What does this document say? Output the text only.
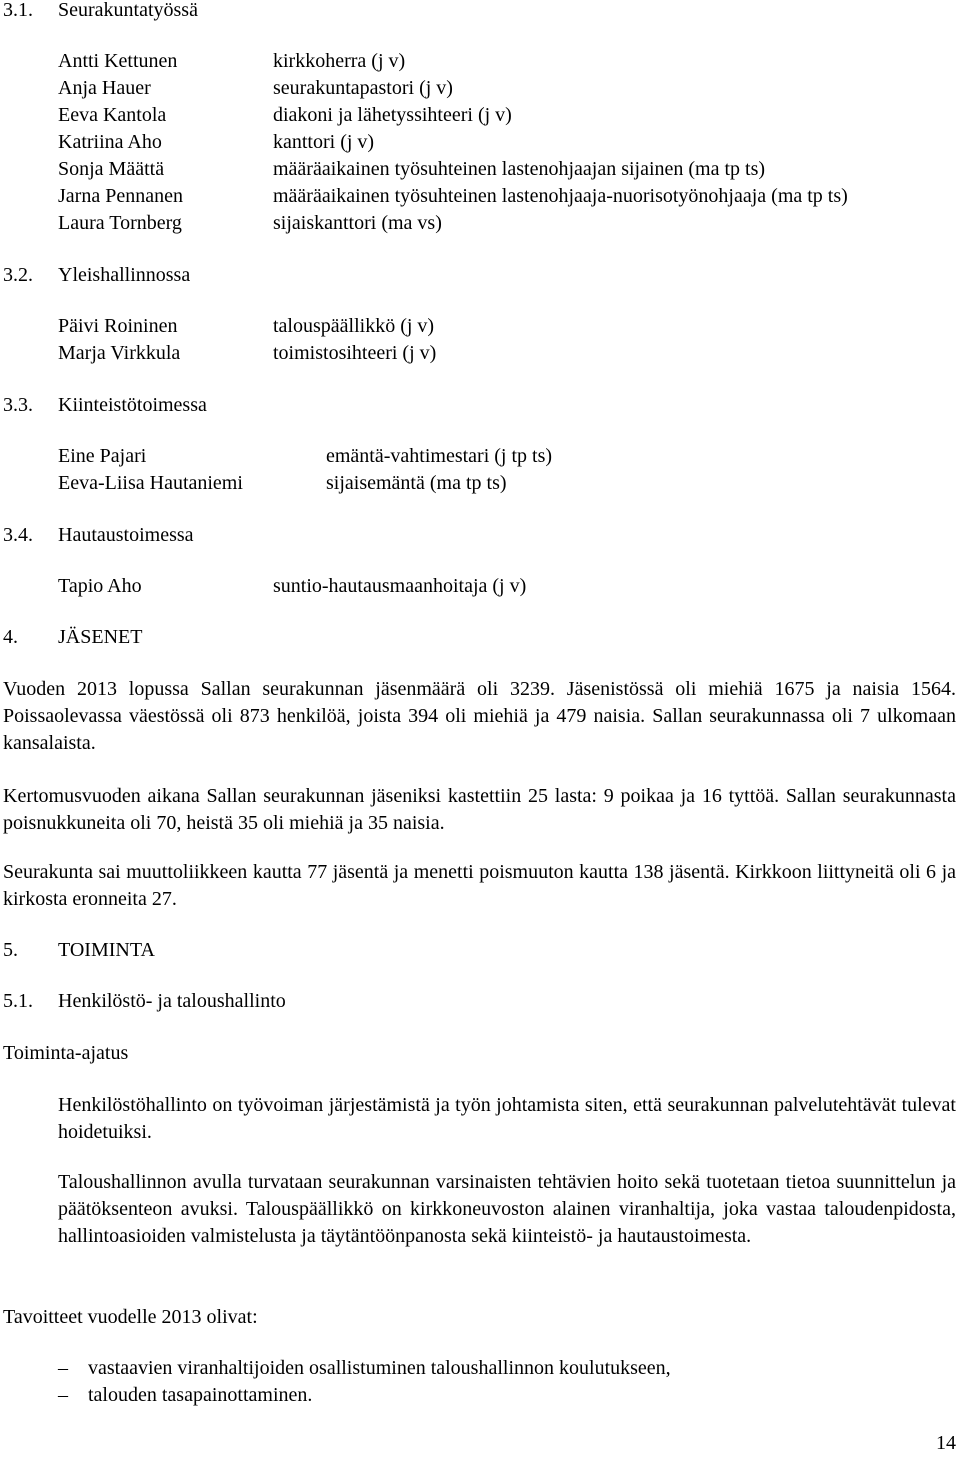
3.1. Seurakuntatyössä
Antti Kettunen	kirkkoherra (j v)
Anja Hauer	seurakuntapastori (j v)
Eeva Kantola	diakoni ja lähetyssihteeri (j v)
Katriina Aho	kanttori (j v)
Sonja Määttä	määräaikainen työsuhteinen lastenohjaajan sijainen (ma tp ts)
Jarna Pennanen	määräaikainen työsuhteinen lastenohjaaja-nuorisotyönohjaaja (ma tp ts)
Laura Tornberg	sijaiskanttori (ma vs)
3.2. Yleishallinnossa
Päivi Roininen	talouspäällikkö (j v)
Marja Virkkula	toimistosihteeri (j v)
3.3. Kiinteistötoimessa
Eine Pajari	emäntä-vahtimestari (j tp ts)
Eeva-Liisa Hautaniemi	sijaisemäntä (ma tp ts)
3.4. Hautaustoimessa
Tapio Aho	suntio-hautausmaanhoitaja (j v)
4. JÄSENET
Vuoden 2013 lopussa Sallan seurakunnan jäsenmäärä oli 3239. Jäsenistössä oli miehiä 1675 ja naisia 1564. Poissaolevassa väestössä oli 873 henkilöä, joista 394 oli miehiä ja 479 naisia. Sallan seurakunnassa oli 7 ulkomaan kansalaista.
Kertomusvuoden aikana Sallan seurakunnan jäseniksi kastettiin 25 lasta: 9 poikaa ja 16 tyttöä. Sallan seurakunnasta poisnukkuneita oli 70, heistä 35 oli miehiä ja 35 naisia.
Seurakunta sai muuttoliikkeen kautta 77 jäsentä ja menetti poismuuton kautta 138 jäsentä. Kirkkoon liittyneitä oli 6 ja kirkosta eronneita 27.
5. TOIMINTA
5.1. Henkilöstö- ja taloushallinto
Toiminta-ajatus
Henkilöstöhallinto on työvoiman järjestämistä ja työn johtamista siten, että seurakunnan palvelutehtävät tulevat hoidetuiksi.
Taloushallinnon avulla turvataan seurakunnan varsinaisten tehtävien hoito sekä tuotetaan tietoa suunnittelun ja päätöksenteon avuksi. Talouspäällikkö on kirkkoneuvoston alainen viranhaltija, joka vastaa taloudenpidosta, hallintoasioiden valmistelusta ja täytäntöönpanosta sekä kiinteistö- ja hautaustoimesta.
Tavoitteet vuodelle 2013 olivat:
– vastaavien viranhaltijoiden osallistuminen taloushallinnon koulutukseen,
– talouden tasapainottaminen.
14
